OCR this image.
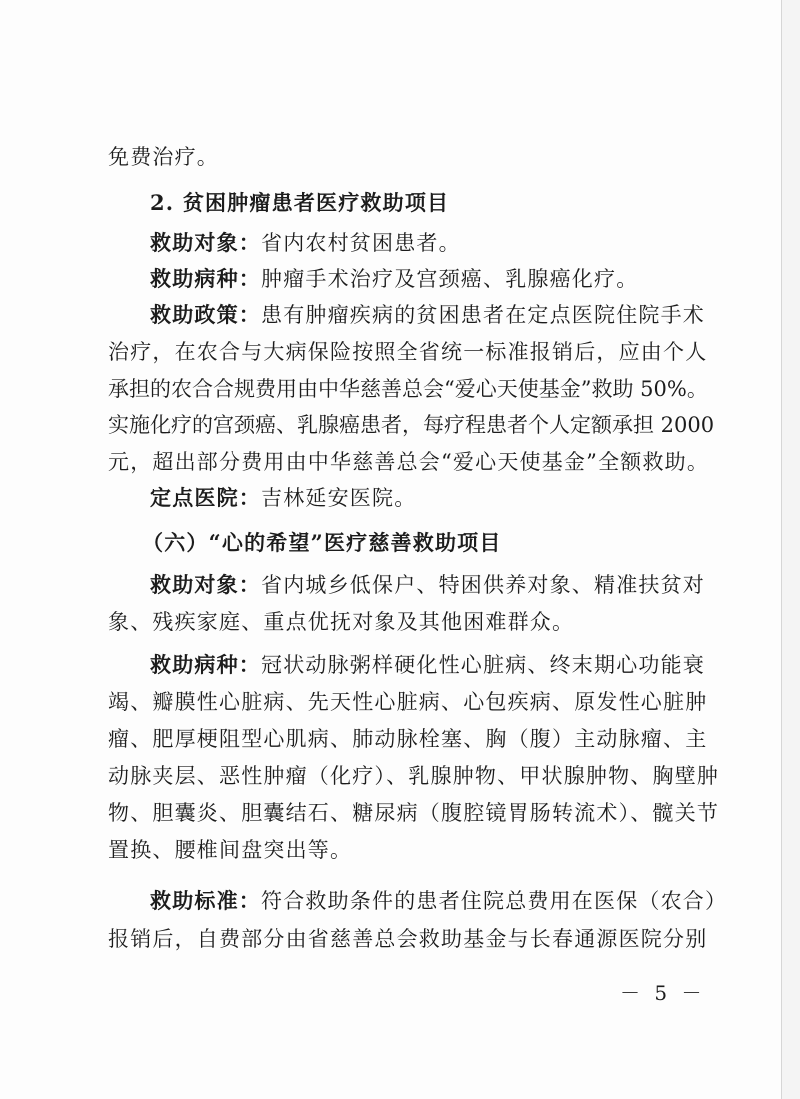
免费治疗。
2. 贫困肿瘤患者医疗救助项目
救助对象：省内农村贫困患者。
救助病种：肿瘤手术治疗及宫颈癌、乳腺癌化疗。
救助政策：患有肿瘤疾病的贫困患者在定点医院住院手术
治疗，在农合与大病保险按照全省统一标准报销后，应由个人
承担的农合合规费用由中华慈善总会“爱心天使基金”救助 50%。
实施化疗的宫颈癌、乳腺癌患者，每疗程患者个人定额承担 2000
元，超出部分费用由中华慈善总会“爱心天使基金”全额救助。
定点医院：吉林延安医院。
（六）“心的希望”医疗慈善救助项目
救助对象：省内城乡低保户、特困供养对象、精准扶贫对
象、残疾家庭、重点优抚对象及其他困难群众。
救助病种：冠状动脉粥样硬化性心脏病、终末期心功能衰
竭、瓣膜性心脏病、先天性心脏病、心包疾病、原发性心脏肿
瘤、肥厚梗阻型心肌病、肺动脉栓塞、胸（腹）主动脉瘤、主
动脉夹层、恶性肿瘤（化疗）、乳腺肿物、甲状腺肿物、胸壁肿
物、胆囊炎、胆囊结石、糖尿病（腹腔镜胃肠转流术）、髋关节
置换、腰椎间盘突出等。
救助标准：符合救助条件的患者住院总费用在医保（农合）
报销后，自费部分由省慈善总会救助基金与长春通源医院分别
－ 5 －
